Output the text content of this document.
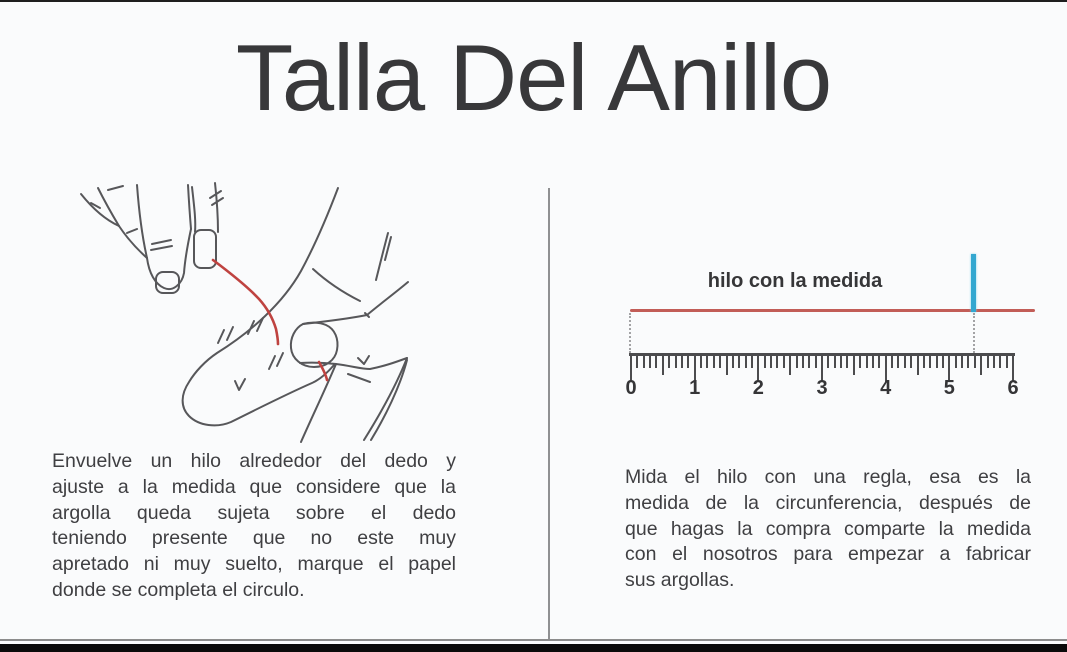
Talla Del Anillo
Envuelve un hilo alrededor del dedo y
ajuste a la medida que considere que la
argolla queda sujeta sobre el dedo
teniendo presente que no este muy
apretado ni muy suelto, marque el papel
donde se completa el circulo.
hilo con la medida
0	1	2	3	4	5	6
Mida el hilo con una regla, esa es la
medida de la circunferencia, después de
que hagas la compra comparte la medida
con el nosotros para empezar a fabricar
sus argollas.
